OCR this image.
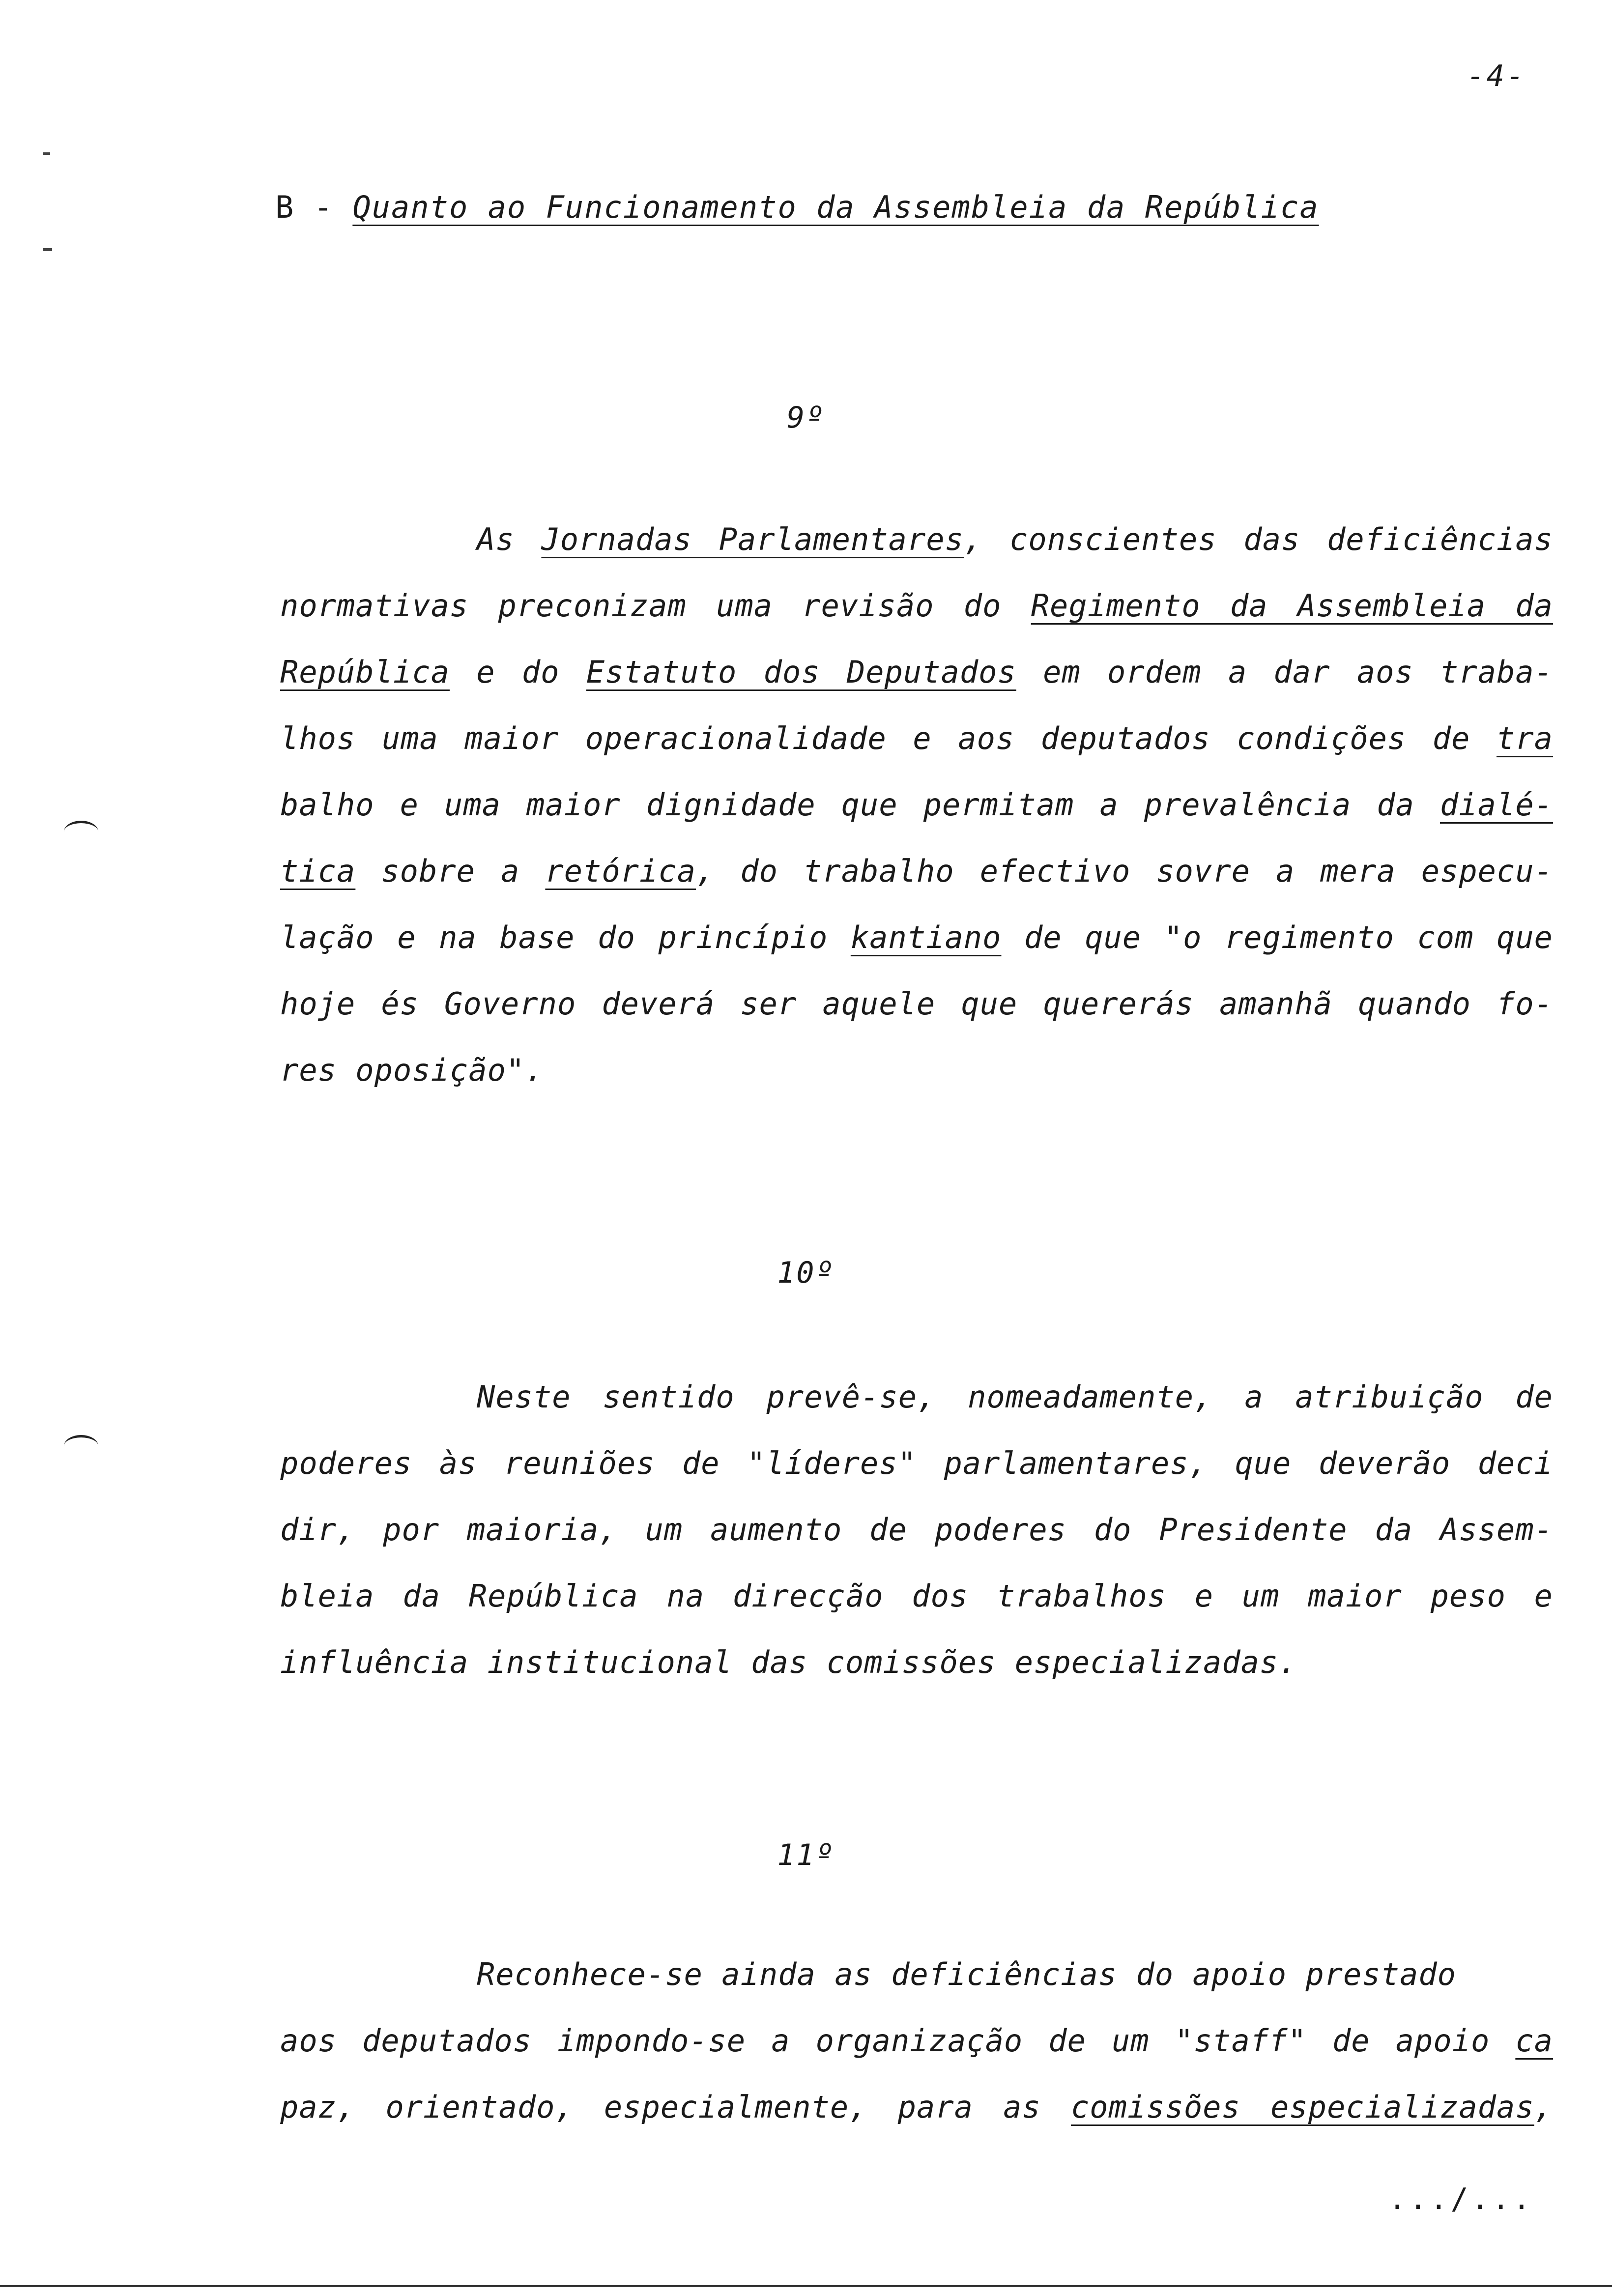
-4-
B - Quanto ao Funcionamento da Assembleia da República
9º
As Jornadas Parlamentares, conscientes das deficiências
normativas preconizam uma revisão do Regimento da Assembleia da
República e do Estatuto dos Deputados em ordem a dar aos traba-
lhos uma maior operacionalidade e aos deputados condições de tra
balho e uma maior dignidade que permitam a prevalência da dialé-
tica sobre a retórica, do trabalho efectivo sovre a mera especu-
lação e na base do princípio kantiano de que "o regimento com que
hoje és Governo deverá ser aquele que quererás amanhã quando fo-
res oposição".
10º
Neste sentido prevê-se, nomeadamente, a atribuição de
poderes às reuniões de "líderes" parlamentares, que deverão deci
dir, por maioria, um aumento de poderes do Presidente da Assem-
bleia da República na direcção dos trabalhos e um maior peso e
influência institucional das comissões especializadas.
11º
Reconhece-se ainda as deficiências do apoio prestado
aos deputados impondo-se a organização de um "staff" de apoio ca
paz, orientado, especialmente, para as comissões especializadas,
.../...
